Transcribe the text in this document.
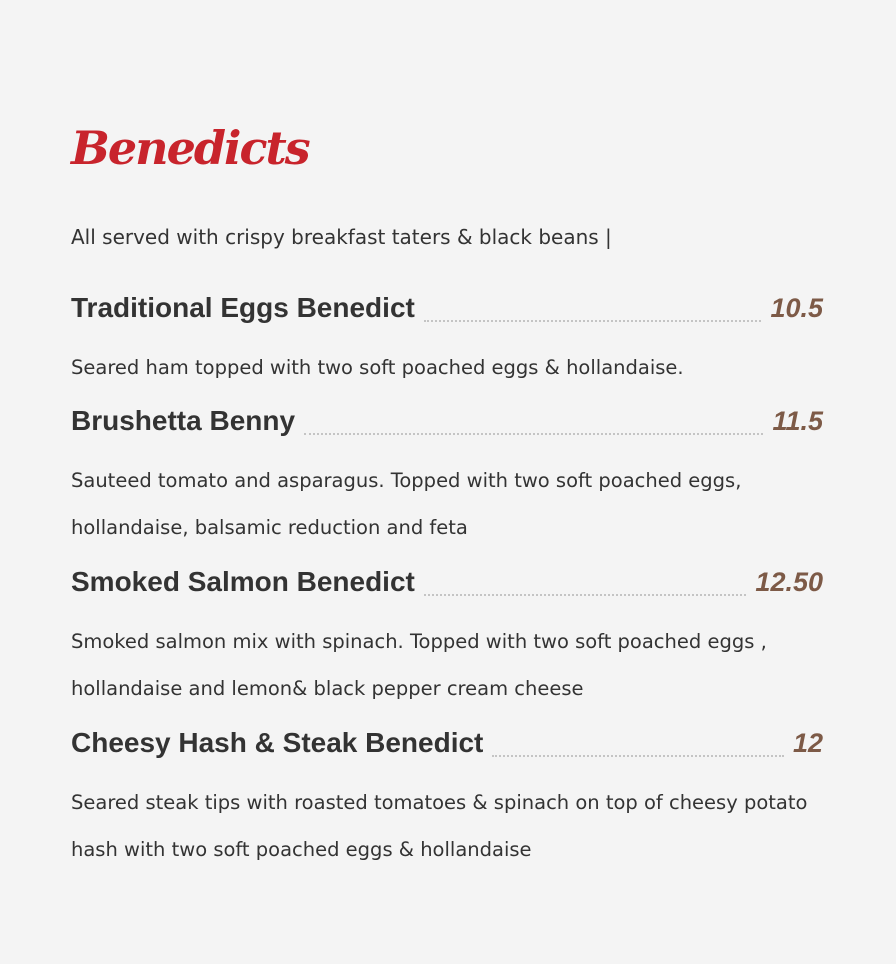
Benedicts
All served with crispy breakfast taters & black beans |
Traditional Eggs Benedict	10.5
Seared ham topped with two soft poached eggs & hollandaise.
Brushetta Benny	11.5
Sauteed tomato and asparagus. Topped with two soft poached eggs, hollandaise, balsamic reduction and feta
Smoked Salmon Benedict	12.50
Smoked salmon mix with spinach. Topped with two soft poached eggs , hollandaise and lemon& black pepper cream cheese
Cheesy Hash & Steak Benedict	12
Seared steak tips with roasted tomatoes & spinach on top of cheesy potato hash with two soft poached eggs & hollandaise
